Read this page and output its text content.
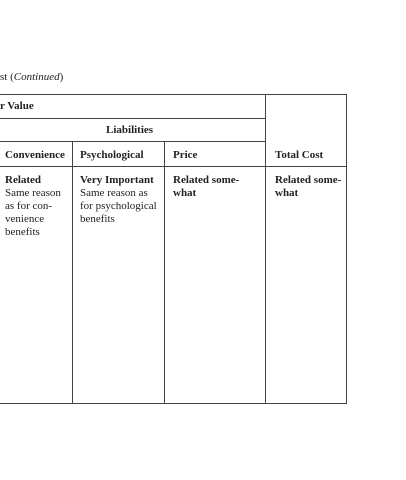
st (Continued)
r Value
Liabilities
Convenience Psychological	Price	Total Cost
Related
Same reason
as for con-
venience
benefits
Very Important
Same reason as
for psychological
benefits
Related some-
what
Related some-
what
